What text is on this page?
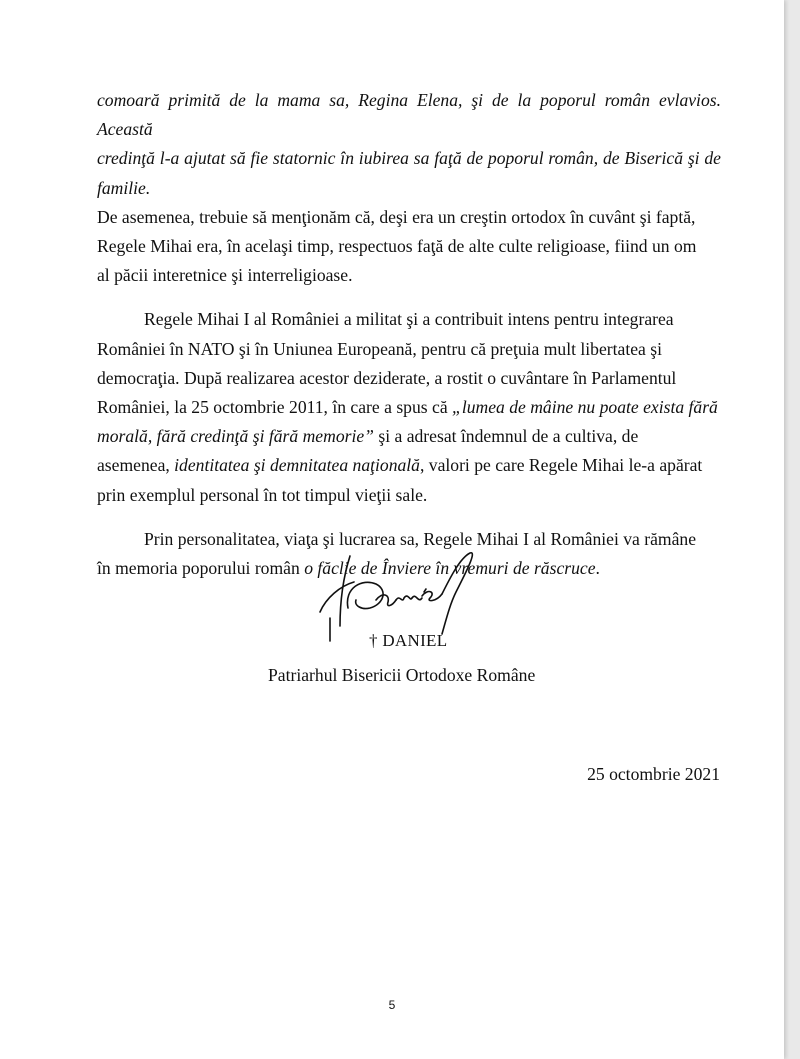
comoară primită de la mama sa, Regina Elena, şi de la poporul român evlavios. Această
credinţă l-a ajutat să fie statornic în iubirea sa faţă de poporul român, de Biserică şi de familie.
De asemenea, trebuie să menţionăm că, deşi era un creştin ortodox în cuvânt şi faptă,
Regele Mihai era, în acelaşi timp, respectuos faţă de alte culte religioase, fiind un om
al păcii interetnice şi interreligioase.

Regele Mihai I al României a militat şi a contribuit intens pentru integrarea
României în NATO şi în Uniunea Europeană, pentru că preţuia mult libertatea şi
democraţia. După realizarea acestor deziderate, a rostit o cuvântare în Parlamentul
României, la 25 octombrie 2011, în care a spus că „lumea de mâine nu poate exista fără
morală, fără credinţă şi fără memorie” şi a adresat îndemnul de a cultiva, de
asemenea, identitatea şi demnitatea naţională, valori pe care Regele Mihai le-a apărat
prin exemplul personal în tot timpul vieţii sale.

Prin personalitatea, viaţa şi lucrarea sa, Regele Mihai I al României va rămâne
în memoria poporului român o făclie de Înviere în vremuri de răscruce.

† DANIEL
Patriarhul Bisericii Ortodoxe Române
25 octombrie 2021
5
